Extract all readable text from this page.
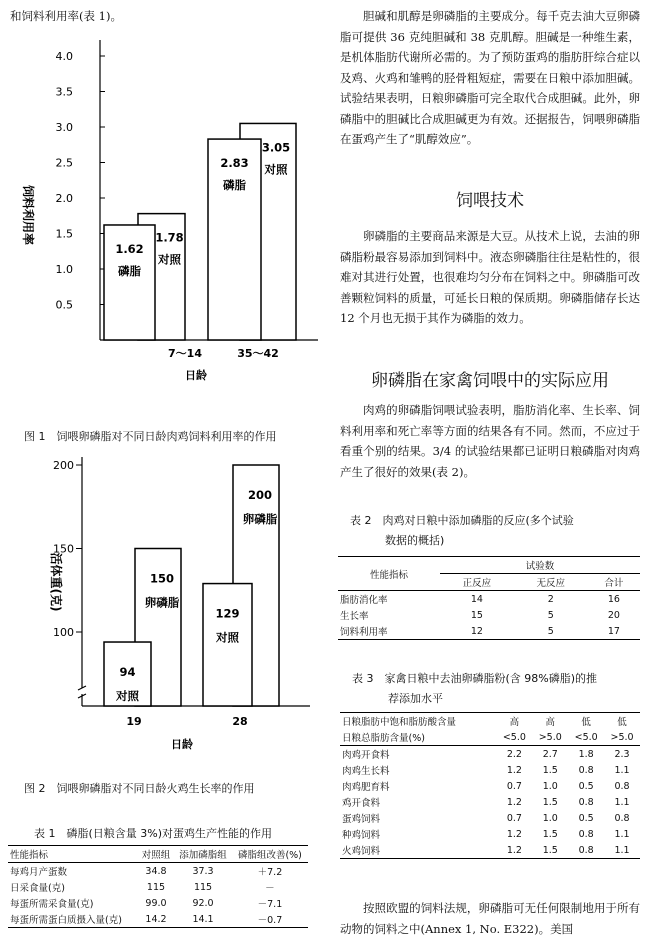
和饲料利用率(表 1)。
饲料利用率
0.5
1.0
1.5
2.0
2.5
3.0
3.5
4.0
1.78
对照
1.62
磷脂
3.05
对照
2.83
磷脂
7～14	35～42
日龄
图 1　饲喂卵磷脂对不同日龄肉鸡饲料利用率的作用
活体重(克)
100
150
200
150
卵磷脂
94
对照
200
卵磷脂
129
对照
19	28
日龄
图 2　饲喂卵磷脂对不同日龄火鸡生长率的作用
表 1　磷脂(日粮含量 3%)对蛋鸡生产性能的作用
性能指标	对照组	添加磷脂组	磷脂组改善(%)
每鸡月产蛋数	34.8	37.3	＋7.2
日采食量(克)	115	115	－
每蛋所需采食量(克)	99.0	92.0	－7.1
每蛋所需蛋白质摄入量(克)	14.2	14.1	－0.7
胆碱和肌醇是卵磷脂的主要成分。每千克去油大豆卵磷脂可提供 36 克纯胆碱和 38 克肌醇。胆碱是一种维生素，是机体脂肪代谢所必需的。为了预防蛋鸡的脂肪肝综合症以及鸡、火鸡和雏鸭的胫骨粗短症，需要在日粮中添加胆碱。试验结果表明，日粮卵磷脂可完全取代合成胆碱。此外，卵磷脂中的胆碱比合成胆碱更为有效。还据报告，饲喂卵磷脂在蛋鸡产生了“肌醇效应”。
饲喂技术
卵磷脂的主要商品来源是大豆。从技术上说，去油的卵磷脂粉最容易添加到饲料中。液态卵磷脂往往是粘性的，很难对其进行处置，也很难均匀分布在饲料之中。卵磷脂可改善颗粒饲料的质量，可延长日粮的保质期。卵磷脂储存长达 12 个月也无损于其作为磷脂的效力。
卵磷脂在家禽饲喂中的实际应用
肉鸡的卵磷脂饲喂试验表明，脂肪消化率、生长率、饲料利用率和死亡率等方面的结果各有不同。然而，不应过于看重个别的结果。3/4 的试验结果都已证明日粮磷脂对肉鸡产生了很好的效果(表 2)。
表 2　肉鸡对日粮中添加磷脂的反应(多个试验
数据的概括)
性能指标	试验数		
	正反应	无反应	合计
脂肪消化率	14	2	16
生长率	15	5	20
饲料利用率	12	5	17
表 3　家禽日粮中去油卵磷脂粉(含 98%磷脂)的推
荐添加水平
日粮脂肪中饱和脂肪酸含量	高	高	低	低
日粮总脂肪含量(%)	<5.0	>5.0	<5.0	>5.0
肉鸡开食料	2.2	2.7	1.8	2.3
肉鸡生长料	1.2	1.5	0.8	1.1
肉鸡肥育料	0.7	1.0	0.5	0.8
鸡开食料	1.2	1.5	0.8	1.1
蛋鸡饲料	0.7	1.0	0.5	0.8
种鸡饲料	1.2	1.5	0.8	1.1
火鸡饲料	1.2	1.5	0.8	1.1
按照欧盟的饲料法规，卵磷脂可无任何限制地用于所有动物的饲料之中(Annex 1, No. E322)。美国
